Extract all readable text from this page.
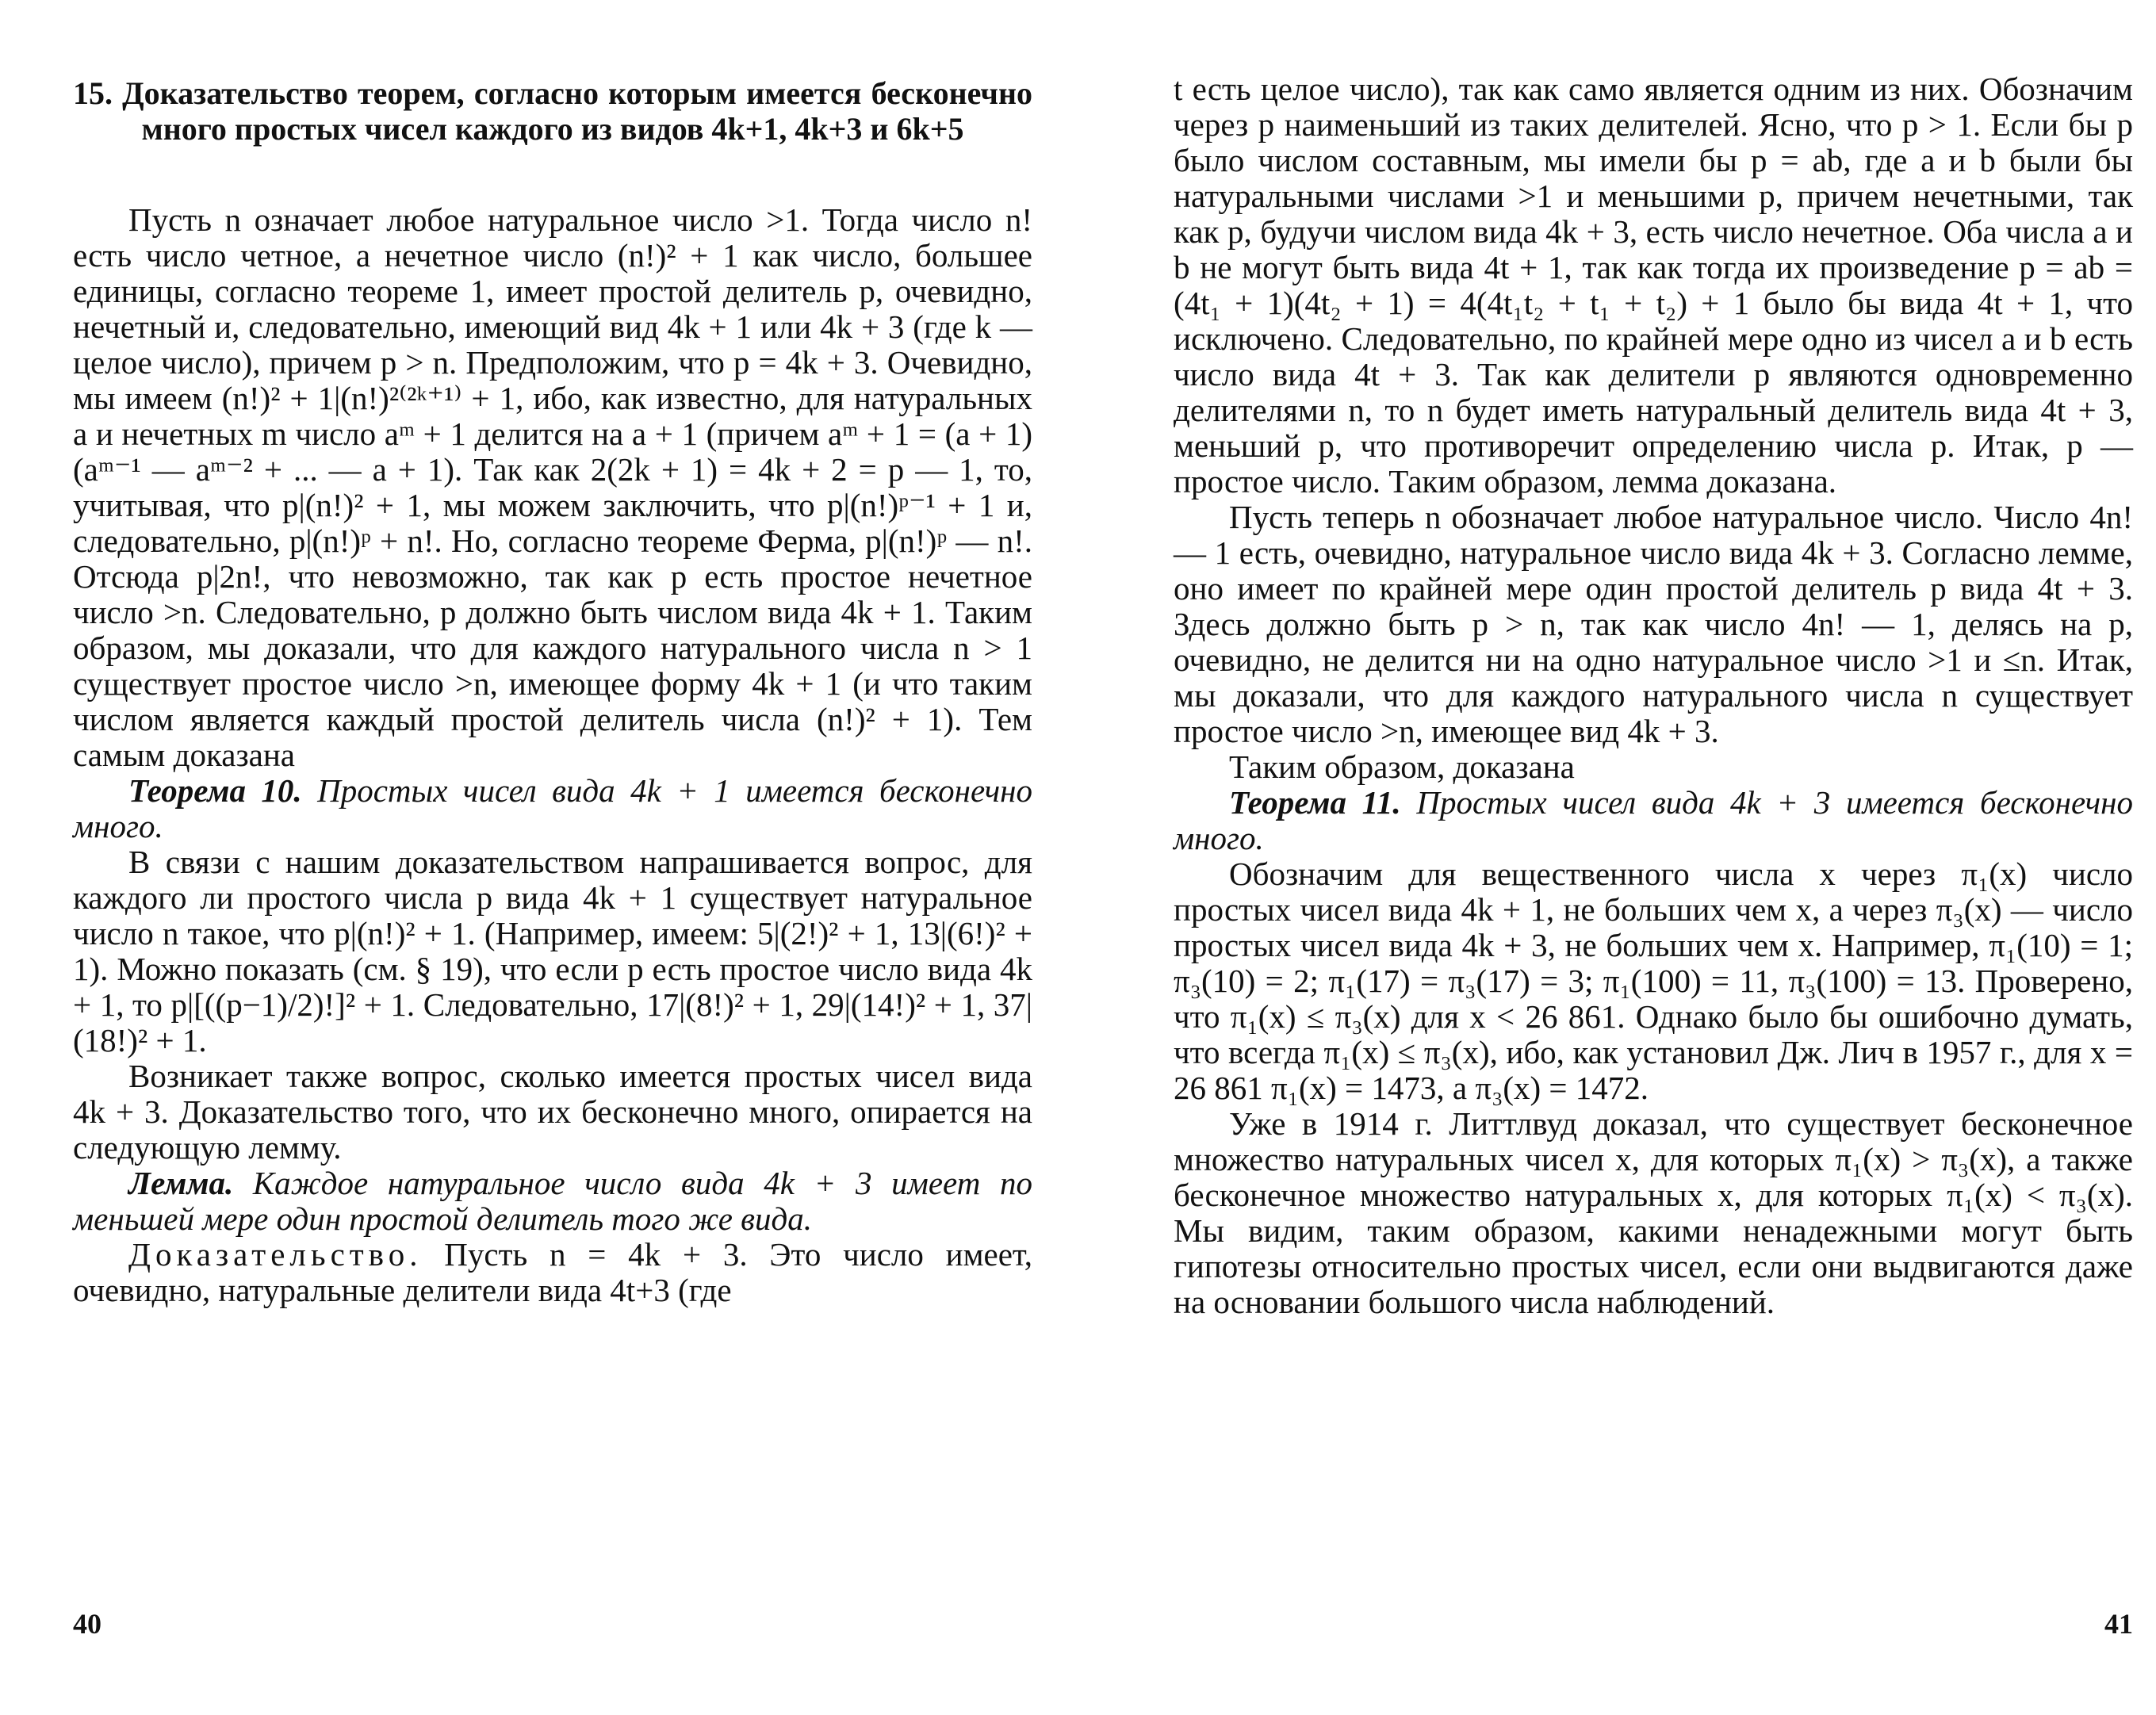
15. Доказательство теорем, согласно которым имеется бесконечно много простых чисел каждого из видов 4k+1, 4k+3 и 6k+5

Пусть n означает любое натуральное число >1. Тогда число n! есть число четное, а нечетное число (n!)² + 1 как число, большее единицы, согласно теореме 1, имеет простой делитель p, очевидно, нечетный и, следовательно, имеющий вид 4k + 1 или 4k + 3 (где k — целое число), причем p > n. Предположим, что p = 4k + 3. Очевидно, мы имеем (n!)² + 1|(n!)²⁽²ᵏ⁺¹⁾ + 1, ибо, как известно, для натуральных a и нечетных m число aᵐ + 1 делится на a + 1 (причем aᵐ + 1 = (a + 1)(aᵐ⁻¹ — aᵐ⁻² + ... — a + 1). Так как 2(2k + 1) = 4k + 2 = p — 1, то, учитывая, что p|(n!)² + 1, мы можем заключить, что p|(n!)ᵖ⁻¹ + 1 и, следовательно, p|(n!)ᵖ + n!. Но, согласно теореме Ферма, p|(n!)ᵖ — n!. Отсюда p|2n!, что невозможно, так как p есть простое нечетное число >n. Следовательно, p должно быть числом вида 4k + 1. Таким образом, мы доказали, что для каждого натурального числа n > 1 существует простое число >n, имеющее форму 4k + 1 (и что таким числом является каждый простой делитель числа (n!)² + 1). Тем самым доказана

Теорема 10. Простых чисел вида 4k + 1 имеется бесконечно много.

В связи с нашим доказательством напрашивается вопрос, для каждого ли простого числа p вида 4k + 1 существует натуральное число n такое, что p|(n!)² + 1. (Например, имеем: 5|(2!)² + 1, 13|(6!)² + 1). Можно показать (см. § 19), что если p есть простое число вида 4k + 1, то p|[((p−1)/2)!]² + 1. Следовательно, 17|(8!)² + 1, 29|(14!)² + 1, 37|(18!)² + 1.

Возникает также вопрос, сколько имеется простых чисел вида 4k + 3. Доказательство того, что их бесконечно много, опирается на следующую лемму.

Лемма. Каждое натуральное число вида 4k + 3 имеет по меньшей мере один простой делитель того же вида.

Доказательство. Пусть n = 4k + 3. Это число имеет, очевидно, натуральные делители вида 4t+3 (где

40

t есть целое число), так как само является одним из них. Обозначим через p наименьший из таких делителей. Ясно, что p > 1. Если бы p было числом составным, мы имели бы p = ab, где a и b были бы натуральными числами >1 и меньшими p, причем нечетными, так как p, будучи числом вида 4k + 3, есть число нечетное. Оба числа a и b не могут быть вида 4t + 1, так как тогда их произведение p = ab = (4t₁ + 1)(4t₂ + 1) = 4(4t₁t₂ + t₁ + t₂) + 1 было бы вида 4t + 1, что исключено. Следовательно, по крайней мере одно из чисел a и b есть число вида 4t + 3. Так как делители p являются одновременно делителями n, то n будет иметь натуральный делитель вида 4t + 3, меньший p, что противоречит определению числа p. Итак, p — простое число. Таким образом, лемма доказана.

Пусть теперь n обозначает любое натуральное число. Число 4n! — 1 есть, очевидно, натуральное число вида 4k + 3. Согласно лемме, оно имеет по крайней мере один простой делитель p вида 4t + 3. Здесь должно быть p > n, так как число 4n! — 1, делясь на p, очевидно, не делится ни на одно натуральное число >1 и ≤n. Итак, мы доказали, что для каждого натурального числа n существует простое число >n, имеющее вид 4k + 3.

Таким образом, доказана

Теорема 11. Простых чисел вида 4k + 3 имеется бесконечно много.

Обозначим для вещественного числа x через π₁(x) число простых чисел вида 4k + 1, не больших чем x, а через π₃(x) — число простых чисел вида 4k + 3, не больших чем x. Например, π₁(10) = 1; π₃(10) = 2; π₁(17) = π₃(17) = 3; π₁(100) = 11, π₃(100) = 13. Проверено, что π₁(x) ≤ π₃(x) для x < 26 861. Однако было бы ошибочно думать, что всегда π₁(x) ≤ π₃(x), ибо, как установил Дж. Лич в 1957 г., для x = 26 861 π₁(x) = 1473, а π₃(x) = 1472.

Уже в 1914 г. Литтлвуд доказал, что существует бесконечное множество натуральных чисел x, для которых π₁(x) > π₃(x), а также бесконечное множество натуральных x, для которых π₁(x) < π₃(x). Мы видим, таким образом, какими ненадежными могут быть гипотезы относительно простых чисел, если они выдвигаются даже на основании большого числа наблюдений.

41
